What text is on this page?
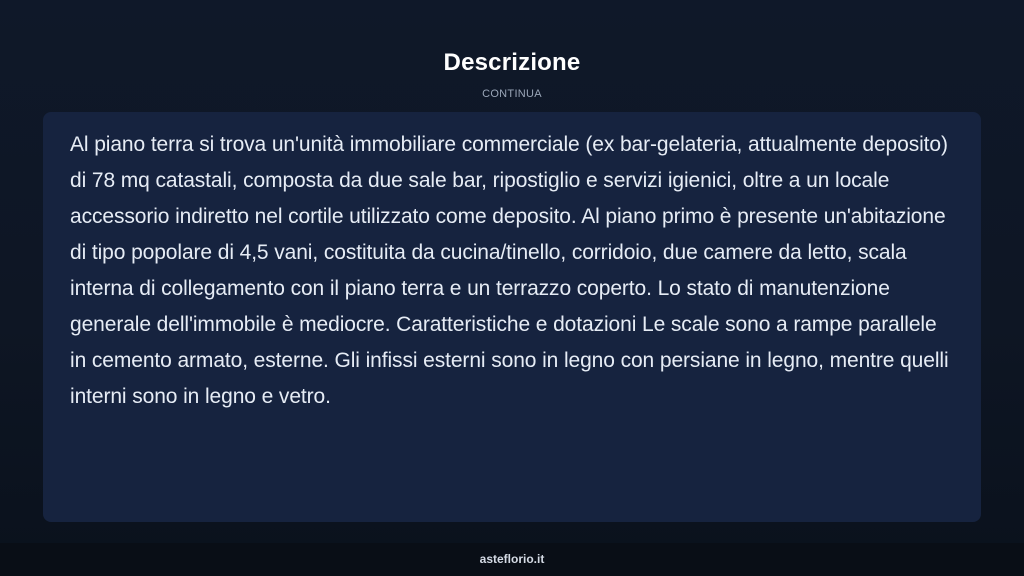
Descrizione
CONTINUA

Al piano terra si trova un'unità immobiliare commerciale (ex bar-gelateria, attualmente deposito) di 78 mq catastali, composta da due sale bar, ripostiglio e servizi igienici, oltre a un locale accessorio indiretto nel cortile utilizzato come deposito. Al piano primo è presente un'abitazione di tipo popolare di 4,5 vani, costituita da cucina/tinello, corridoio, due camere da letto, scala interna di collegamento con il piano terra e un terrazzo coperto. Lo stato di manutenzione generale dell'immobile è mediocre. Caratteristiche e dotazioni Le scale sono a rampe parallele in cemento armato, esterne. Gli infissi esterni sono in legno con persiane in legno, mentre quelli interni sono in legno e vetro.

asteflorio.it
